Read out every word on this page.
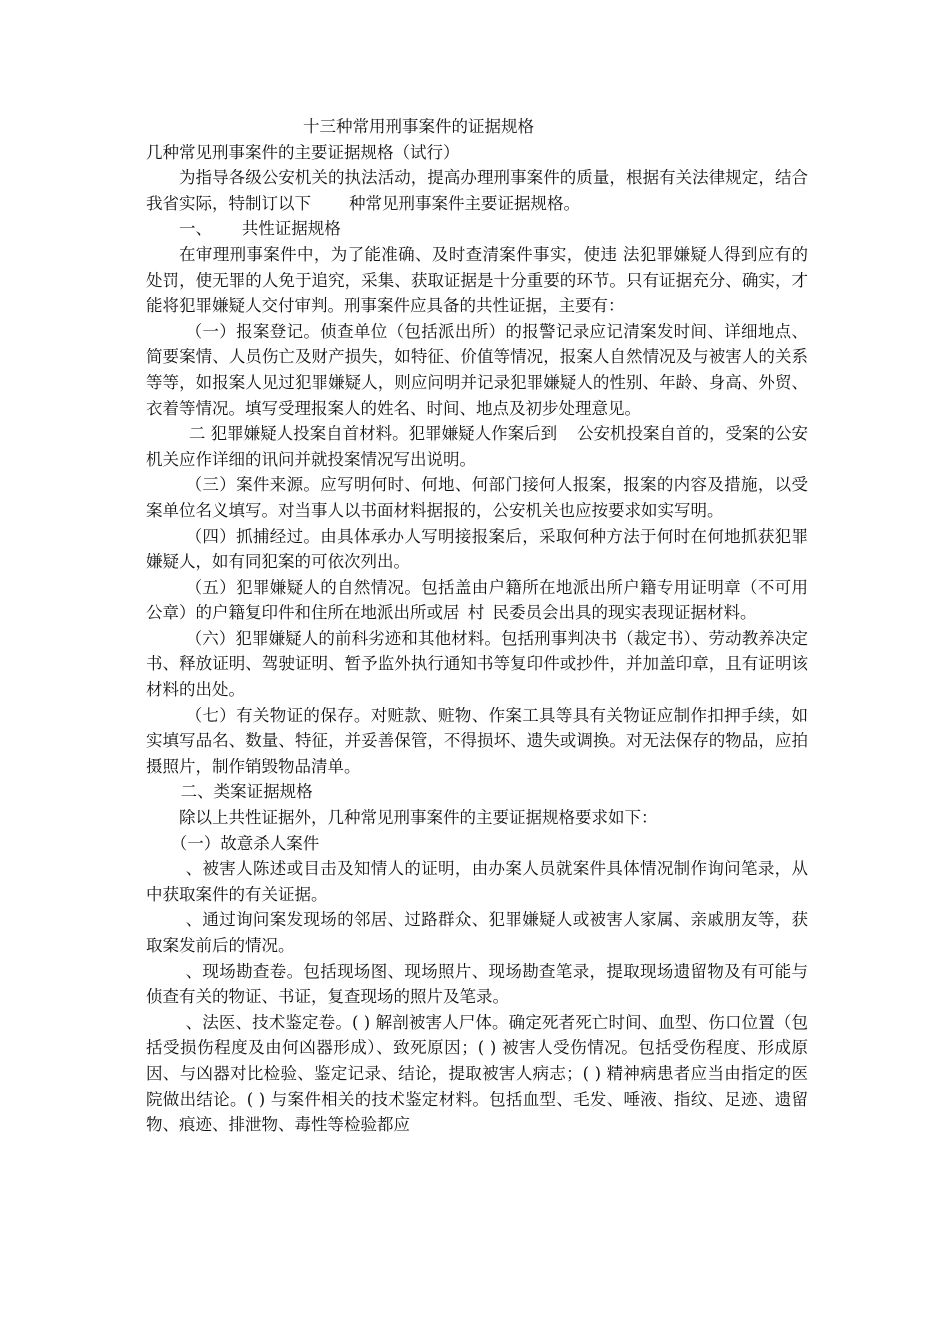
十三种常用刑事案件的证据规格
几种常见刑事案件的主要证据规格（试行）

为指导各级公安机关的执法活动，提高办理刑事案件的质量，根据有关法律规定，结合我省实际，特制订以下 种常见刑事案件主要证据规格。

一、 共性证据规格

在审理刑事案件中，为了能准确、及时查清案件事实，使违 法犯罪嫌疑人得到应有的处罚，使无罪的人免于追究，采集、获取证据是十分重要的环节。只有证据充分、确实，才能将犯罪嫌疑人交付审判。刑事案件应具备的共性证据，主要有：

（一）报案登记。侦查单位（包括派出所）的报警记录应记清案发时间、详细地点、简要案情、人员伤亡及财产损失，如特征、价值等情况，报案人自然情况及与被害人的关系等等，如报案人见过犯罪嫌疑人，则应问明并记录犯罪嫌疑人的性别、年龄、身高、外贸、衣着等情况。填写受理报案人的姓名、时间、地点及初步处理意见。

二 犯罪嫌疑人投案自首材料。犯罪嫌疑人作案后到 公安机投案自首的，受案的公安机关应作详细的讯问并就投案情况写出说明。

（三）案件来源。应写明何时、何地、何部门接何人报案，报案的内容及措施，以受案单位名义填写。对当事人以书面材料据报的，公安机关也应按要求如实写明。

（四）抓捕经过。由具体承办人写明接报案后，采取何种方法于何时在何地抓获犯罪嫌疑人，如有同犯案的可依次列出。

（五）犯罪嫌疑人的自然情况。包括盖由户籍所在地派出所户籍专用证明章（不可用公章）的户籍复印件和住所在地派出所或居 村 民委员会出具的现实表现证据材料。

（六）犯罪嫌疑人的前科劣迹和其他材料。包括刑事判决书（裁定书）、劳动教养决定书、释放证明、驾驶证明、暂予监外执行通知书等复印件或抄件，并加盖印章，且有证明该材料的出处。

（七）有关物证的保存。对赃款、赃物、作案工具等具有关物证应制作扣押手续，如实填写品名、数量、特征，并妥善保管，不得损坏、遗失或调换。对无法保存的物品，应拍摄照片，制作销毁物品清单。

二、类案证据规格

除以上共性证据外，几种常见刑事案件的主要证据规格要求如下：

（一）故意杀人案件

、被害人陈述或目击及知情人的证明，由办案人员就案件具体情况制作询问笔录，从中获取案件的有关证据。

、通过询问案发现场的邻居、过路群众、犯罪嫌疑人或被害人家属、亲戚朋友等，获取案发前后的情况。

、现场勘查卷。包括现场图、现场照片、现场勘查笔录，提取现场遗留物及有可能与侦查有关的物证、书证，复查现场的照片及笔录。

、法医、技术鉴定卷。( ) 解剖被害人尸体。确定死者死亡时间、血型、伤口位置（包括受损伤程度及由何凶器形成）、致死原因；( ) 被害人受伤情况。包括受伤程度、形成原因、与凶器对比检验、鉴定记录、结论，提取被害人病志；( ) 精神病患者应当由指定的医院做出结论。( ) 与案件相关的技术鉴定材料。包括血型、毛发、唾液、指纹、足迹、遗留物、痕迹、排泄物、毒性等检验都应
